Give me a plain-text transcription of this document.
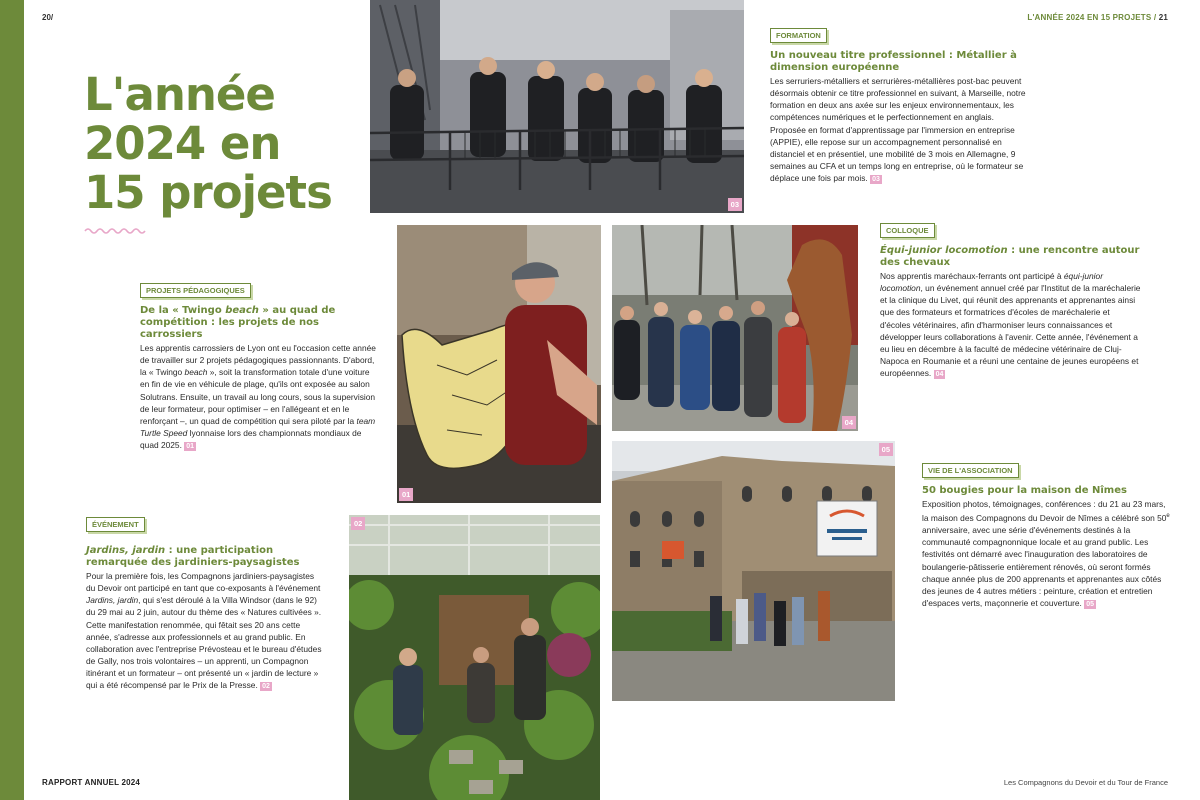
20/	L'ANNÉE 2024 EN 15 PROJETS / 21
L'année
2024 en
15 projets	03
FORMATION
Un nouveau titre professionnel : Métallier à dimension européenne

Les serruriers-métalliers et serrurières-métallières post-bac peuvent désormais obtenir ce titre professionnel en suivant, à Marseille, notre formation en deux ans axée sur les enjeux environnementaux, les compétences numériques et le perfectionnement en anglais. Proposée en format d'apprentissage par l'immersion en entreprise (APPIE), elle repose sur un accompagnement personnalisé en distanciel et en présentiel, une mobilité de 3 mois en Allemagne, 9 semaines au CFA et un temps long en entreprise, où le formateur se déplace une fois par mois. 03

01
04
COLLOQUE
Équi-junior locomotion : une rencontre autour des chevaux

Nos apprentis maréchaux-ferrants ont participé à équi-junior locomotion, un événement annuel créé par l'Institut de la maréchalerie et la clinique du Livet, qui réunit des apprenants et apprenantes ainsi que des formateurs et formatrices d'écoles de maréchalerie et d'écoles vétérinaires, afin d'harmoniser leurs connaissances et développer leurs collaborations à l'avenir. Cette année, l'événement a eu lieu en décembre à la faculté de médecine vétérinaire de Cluj-Napoca en Roumanie et a réuni une centaine de jeunes européens et européennes. 04

PROJETS PÉDAGOGIQUES
De la « Twingo beach » au quad de compétition : les projets de nos carrossiers

Les apprentis carrossiers de Lyon ont eu l'occasion cette année de travailler sur 2 projets pédagogiques passionnants. D'abord, la « Twingo beach », soit la transformation totale d'une voiture en fin de vie en véhicule de plage, qu'ils ont exposée au salon Solutrans. Ensuite, un travail au long cours, sous la supervision de leur formateur, pour optimiser – en l'allégeant et en le renforçant –, un quad de compétition qui sera piloté par la team Turtle Speed lyonnaise lors des championnats mondiaux de quad 2025. 01	05
VIE DE L'ASSOCIATION
50 bougies pour la maison de Nîmes

Exposition photos, témoignages, conférences : du 21 au 23 mars, la maison des Compagnons du Devoir de Nîmes a célébré son 50e anniversaire, avec une série d'événements destinés à la communauté compagnonnique locale et au grand public. Les festivités ont démarré avec l'inauguration des laboratoires de boulangerie-pâtisserie entièrement rénovés, où seront formés chaque année plus de 200 apprenants et apprenantes aux côtés des jeunes de 4 autres métiers : peinture, création et entretien d'espaces verts, maçonnerie et couverture. 05

ÉVÉNEMENT
Jardins, jardin : une participation remarquée des jardiniers-paysagistes

Pour la première fois, les Compagnons jardiniers-paysagistes du Devoir ont participé en tant que co-exposants à l'événement Jardins, jardin, qui s'est déroulé à la Villa Windsor (dans le 92) du 29 mai au 2 juin, autour du thème des « Natures cultivées ». Cette manifestation renommée, qui fêtait ses 20 ans cette année, s'adresse aux professionnels et au grand public. En collaboration avec l'entreprise Prévosteau et le bureau d'études de Gally, nos trois volontaires – un apprenti, un Compagnon itinérant et un formateur – ont présenté un « jardin de lecture » qui a été récompensé par le Prix de la Presse. 02

02
RAPPORT ANNUEL 2024	Les Compagnons du Devoir et du Tour de France
